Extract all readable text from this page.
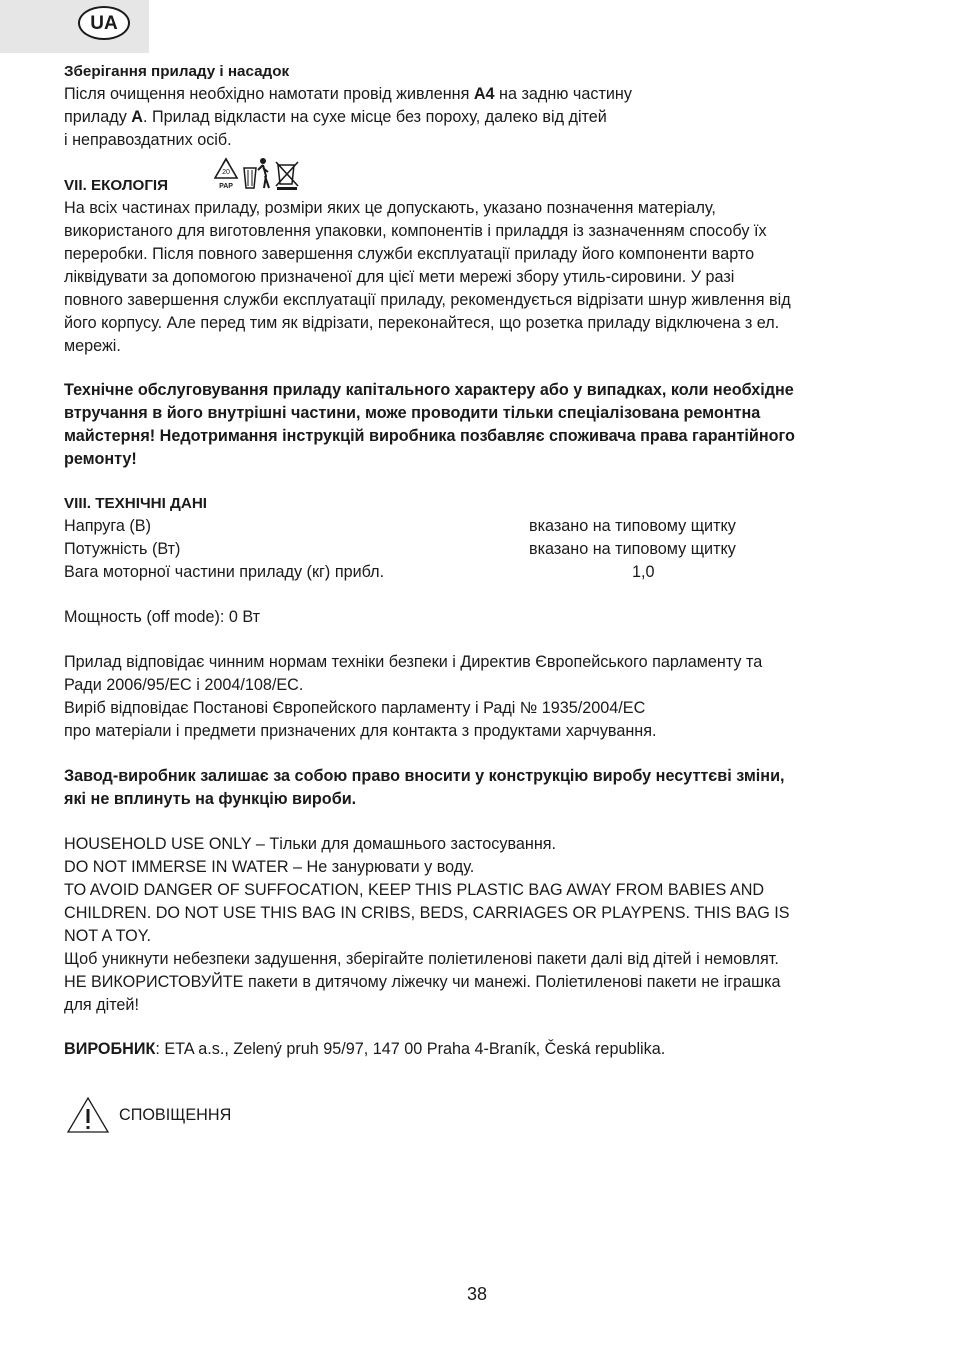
UA

Зберігання приладу і насадок

Після очищення необхідно намотати провід живлення A4 на задню частину

приладу A. Прилад відкласти на сухе місце без пороху, далеко від дітей

і неправоздатних осіб.

VII. ЕКОЛОГІЯ
20
PAP

На всіх частинах приладу, розміри яких це допускають, указано позначення матеріалу,

використаного для виготовлення упаковки, компонентів і приладдя із зазначенням способу їх

переробки. Після повного завершення служби експлуатації приладу його компоненти варто

ліквідувати за допомогою призначеної для цієї мети мережі збору утиль-сировини. У разі

повного завершення служби експлуатації приладу, рекомендується відрізати шнур живлення від

його корпусу. Але перед тим як відрізати, переконайтеся, що розетка приладу відключена з ел.

мережі.

Технічне обслуговування приладу капітального характеру або у випадках, коли необхідне

втручання в його внутрішні частини, може проводити тільки спеціалізована ремонтна

майстерня! Недотримання інструкцій виробника позбавляє споживача права гарантійного

ремонту!

VIII. ТЕХНІЧНІ ДАНІ

Напруга (В)	вказано на типовому щитку
Потужність (Вт)	вказано на типовому щитку
Вага моторної частини приладу (кг) прибл.	1,0

Мощность (off mode): 0 Вт

Прилад відповідає чинним нормам техніки безпеки і Директив Європейського парламенту та

Ради 2006/95/ЕС і 2004/108/ЕС.

Виріб відповідає Постанові Європейского парламенту і Раді № 1935/2004/ЕС

про матеріали і предмети призначених для контакта з продуктами харчування.

Завод-виробник залишає за собою право вносити у конструкцію виробу несуттєві зміни,

які не вплинуть на функцію вироби.

HOUSEHOLD USE ONLY – Тільки для домашнього застосування.

DO NOT IMMERSE IN WATER – Не занурювати у воду.

TO AVOID DANGER OF SUFFOCATION, KEEP THIS PLASTIC BAG AWAY FROM BABIES AND

CHILDREN. DO NOT USE THIS BAG IN CRIBS, BEDS, CARRIAGES OR PLAYPENS. THIS BAG IS

NOT A TOY.

Щоб уникнути небезпеки задушення, зберігайте поліетиленові пакети далі від дітей і немовлят.

НЕ ВИКОРИСТОВУЙТЕ пакети в дитячому ліжечку чи манежі. Поліетиленові пакети не іграшка

для дітей!

ВИРОБНИК: ETA a.s., Zelený pruh 95/97, 147 00 Praha 4-Braník, Česká republika.

СПОВІЩЕННЯ
38
